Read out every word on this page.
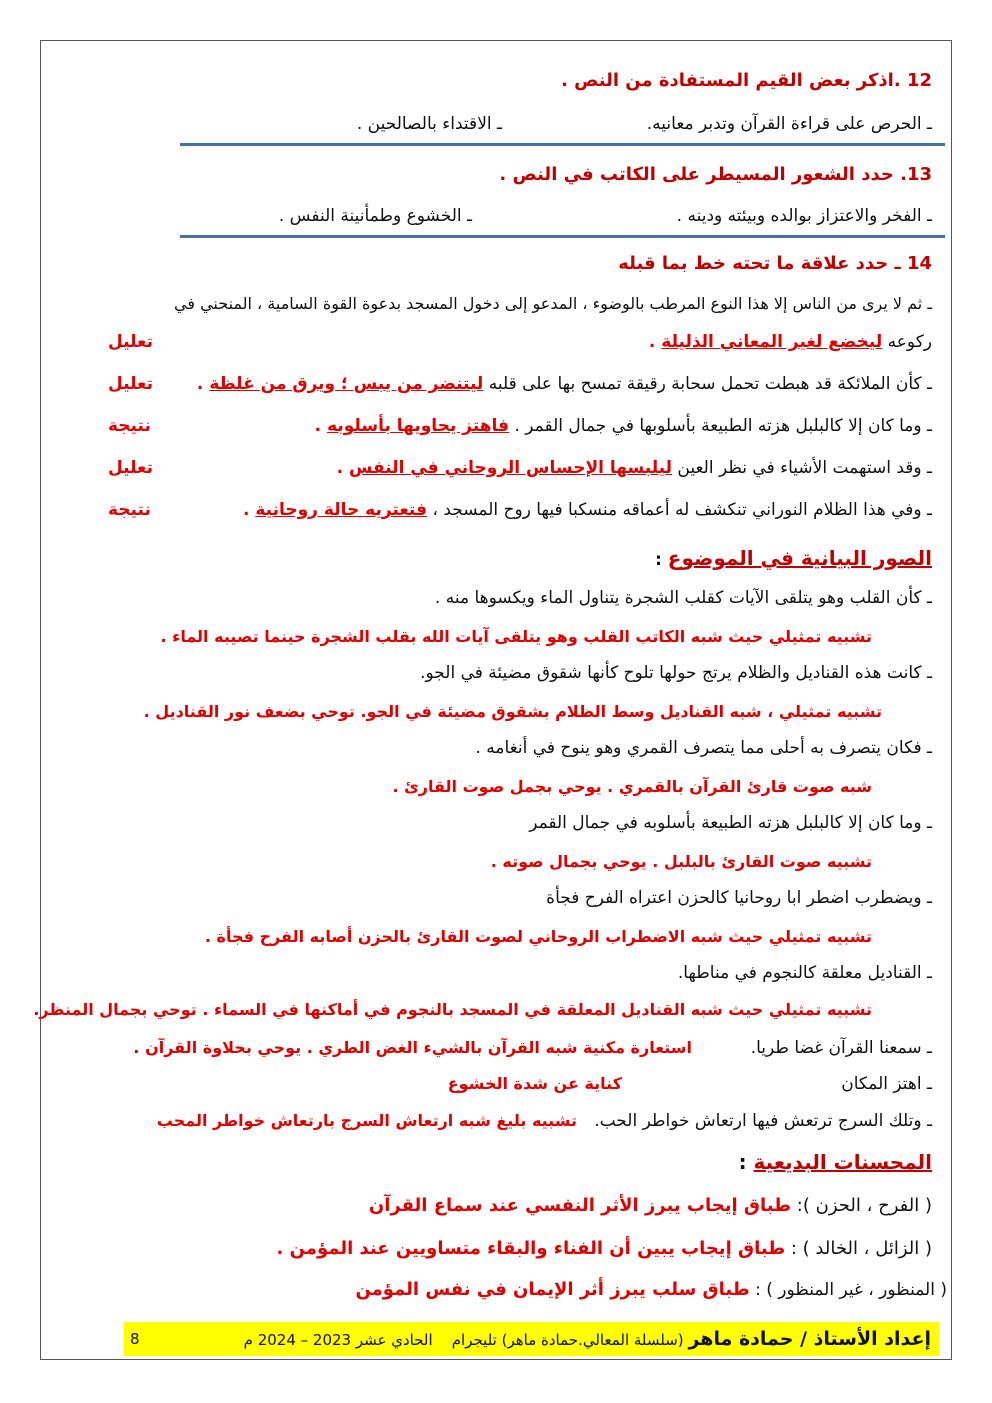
12 .اذكر بعض القيم المستفادة من النص .
ـ الحرص على قراءة القرآن وتدبر معانيه.
ـ الاقتداء بالصالحين .
13. حدد الشعور المسيطر على الكاتب في النص .
ـ الفخر والاعتزاز بوالده وبيئته ودينه .
ـ الخشوع وطمأنينة النفس .
14 ـ حدد علاقة ما تحته خط بما قبله
ـ ثم لا يرى من الناس إلا هذا النوع المرطب بالوضوء ، المدعو إلى دخول المسجد بدعوة القوة السامية ، المنحني في
ركوعه ليخضع لغير المعاني الذليلة .
تعليل
ـ كأن الملائكة قد هبطت تحمل سحابة رقيقة تمسح بها على قلبه ليتنضر من يبس ؛ ويرق من غلظة .
تعليل
ـ وما كان إلا كالبلبل هزته الطبيعة بأسلوبها في جمال القمر . فاهتز يحاويها بأسلوبه .
نتيجة
ـ وقد استهمت الأشياء في نظر العين ليلبسها الإحساس الروحاني في النفس .
تعليل
ـ وفي هذا الظلام النوراني تنكشف له أعماقه منسكبا فيها روح المسجد ، فتعتريه حالة روحانية .
نتيجة
الصور البيانية في الموضوع :
ـ كأن القلب وهو يتلقى الآيات كقلب الشجرة يتناول الماء ويكسوها منه .
تشبيه تمثيلي حيث شبه الكاتب القلب وهو يتلقى آيات الله بقلب الشجرة حينما تصيبه الماء .
ـ كانت هذه القناديل والظلام يرتج حولها تلوح كأنها شقوق مضيئة في الجو.
تشبيه تمثيلي ، شبه القناديل وسط الظلام بشقوق مضيئة في الجو. توحي بضعف نور القناديل .
ـ فكان يتصرف به أحلى مما يتصرف القمري وهو ينوح في أنغامه .
شبه صوت قارئ القرآن بالقمري . يوحي بجمل صوت القارئ .
ـ وما كان إلا كالبلبل هزته الطبيعة بأسلوبه في جمال القمر
تشبيه صوت القارئ بالبلبل . يوحي بجمال صوته .
ـ ويضطرب اضطر ابا روحانيا كالحزن اعتراه الفرح فجأة
تشبيه تمثيلي حيث شبه الاضطراب الروحاني لصوت القارئ بالحزن أصابه الفرح فجأة .
ـ القناديل معلقة كالنجوم في مناطها.
تشبيه تمثيلي حيث شبه القناديل المعلقة في المسجد بالنجوم في أماكنها في السماء . توحي بجمال المنظر.
ـ سمعنا القرآن غضا طريا.
استعارة مكنية شبه القرآن بالشيء الغض الطري . يوحي بحلاوة القرآن .
ـ اهتز المكان
كناية عن شدة الخشوع
ـ وتلك السرج ترتعش فيها ارتعاش خواطر الحب.
تشبيه بليغ شبه ارتعاش السرج بارتعاش خواطر المحب
المحسنات البديعية :
( الفرح ، الحزن ): طباق إيجاب يبرز الأثر النفسي عند سماع القرآن
( الزائل ، الخالد ) : طباق إيجاب يبين أن الفناء والبقاء متساويين عند المؤمن .
( المنظور ، غير المنظور ) : طباق سلب يبرز أثر الإيمان في نفس المؤمن
إعداد الأستاذ / حمادة ماهر (سلسلة المعالي.حمادة ماهر) تليجرام    الحادي عشر 2023 – 2024 م
8
